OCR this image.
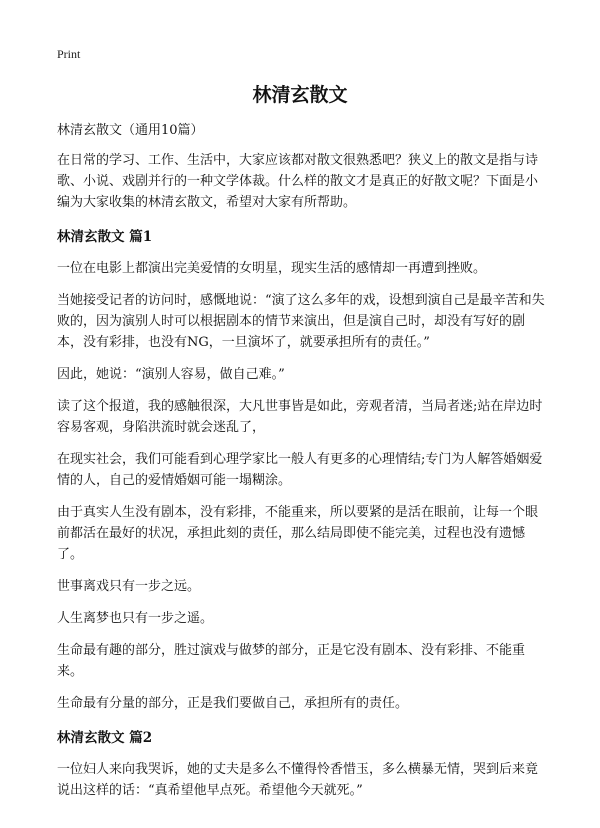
Print
林清玄散文

林清玄散文（通用10篇）

在日常的学习、工作、生活中，大家应该都对散文很熟悉吧？狭义上的散文是指与诗歌、小说、戏剧并行的一种文学体裁。什么样的散文才是真正的好散文呢？下面是小编为大家收集的林清玄散文，希望对大家有所帮助。

林清玄散文 篇1

一位在电影上都演出完美爱情的女明星，现实生活的感情却一再遭到挫败。

当她接受记者的访问时，感慨地说：“演了这么多年的戏，设想到演自己是最辛苦和失败的，因为演别人时可以根据剧本的情节来演出，但是演自己时，却没有写好的剧本，没有彩排，也没有NG，一旦演坏了，就要承担所有的责任。”

因此，她说：“演别人容易，做自己难。”

读了这个报道，我的感触很深，大凡世事皆是如此，旁观者清，当局者迷;站在岸边时容易客观，身陷洪流时就会迷乱了，

在现实社会，我们可能看到心理学家比一般人有更多的心理情结;专门为人解答婚姻爱情的人，自己的爱情婚姻可能一塌糊涂。

由于真实人生没有剧本，没有彩排，不能重来，所以要紧的是活在眼前，让每一个眼前都活在最好的状况，承担此刻的责任，那么结局即使不能完美，过程也没有遗憾了。

世事离戏只有一步之远。

人生离梦也只有一步之遥。

生命最有趣的部分，胜过演戏与做梦的部分，正是它没有剧本、没有彩排、不能重来。

生命最有分量的部分，正是我们要做自己，承担所有的责任。

林清玄散文 篇2

一位妇人来向我哭诉，她的丈夫是多么不懂得怜香惜玉，多么横暴无情，哭到后来竟说出这样的话：“真希望他早点死。希望他今天就死。”
